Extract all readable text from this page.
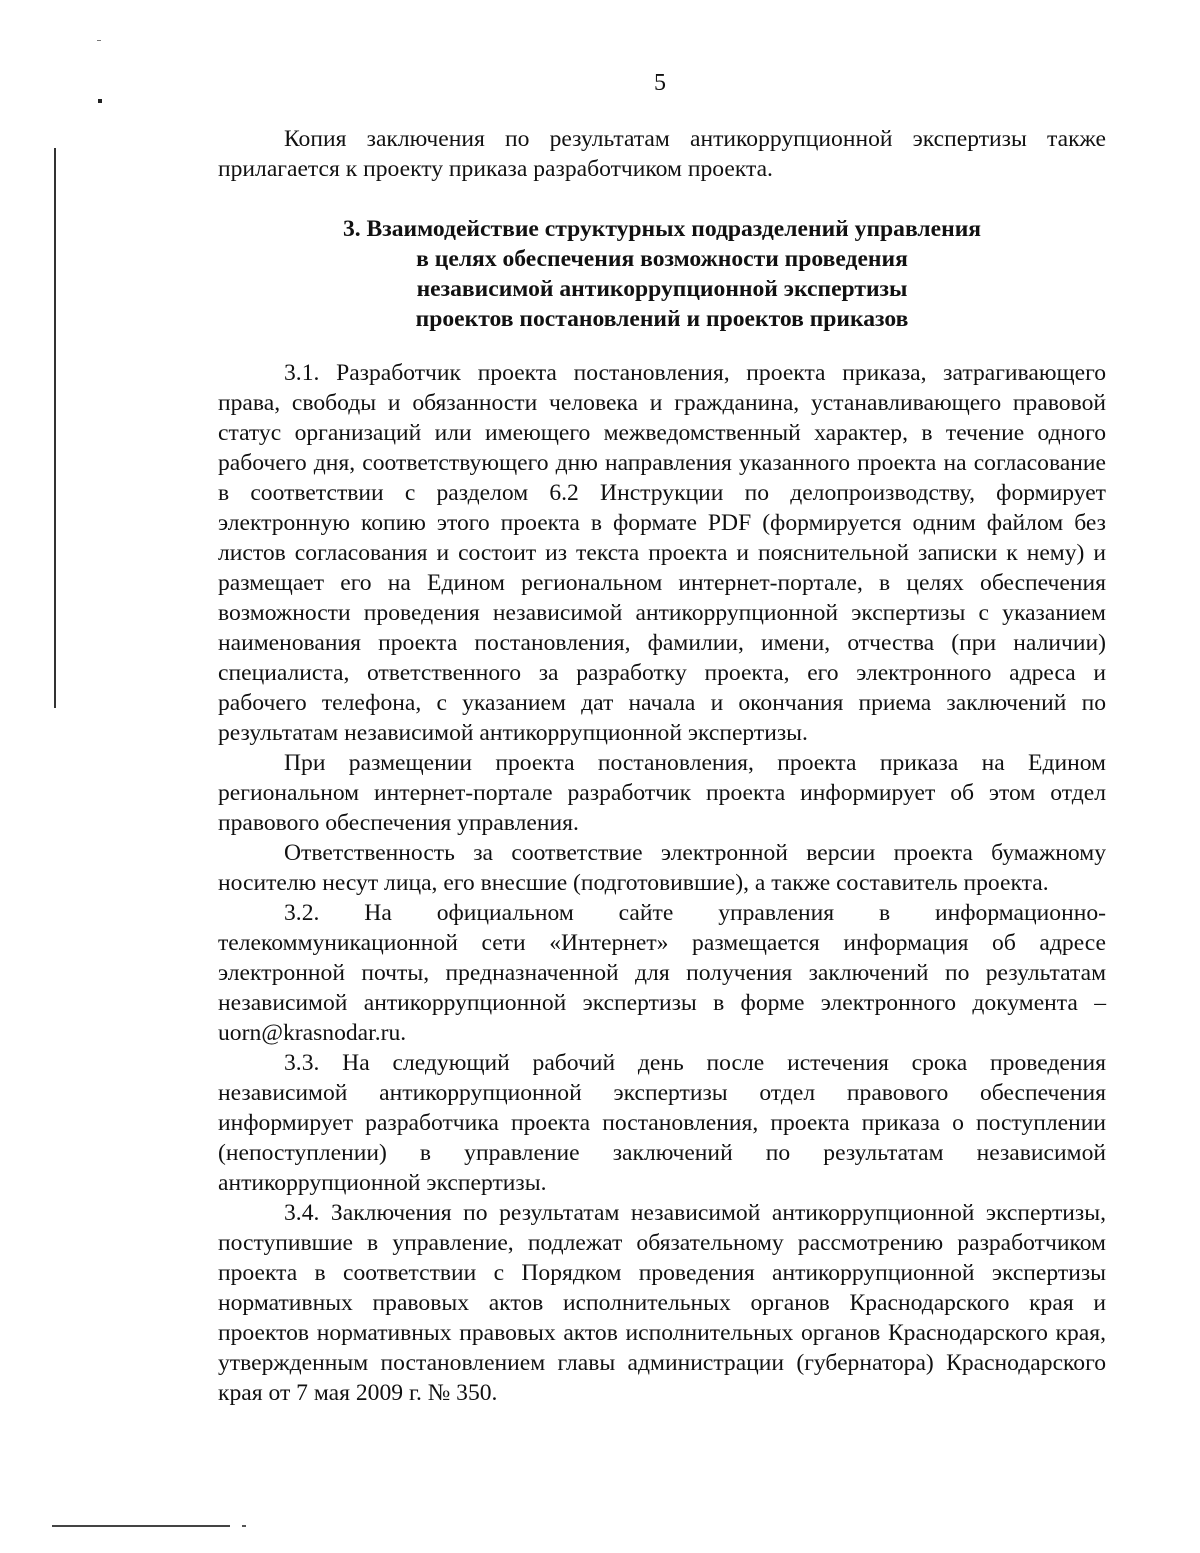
5

Копия заключения по результатам антикоррупционной экспертизы также прилагается к проекту приказа разработчиком проекта.

3. Взаимодействие структурных подразделений управления
в целях обеспечения возможности проведения
независимой антикоррупционной экспертизы
проектов постановлений и проектов приказов

3.1. Разработчик проекта постановления, проекта приказа, затрагивающего права, свободы и обязанности человека и гражданина, устанавливающего правовой статус организаций или имеющего межведомственный характер, в течение одного рабочего дня, соответствующего дню направления указанного проекта на согласование в соответствии с разделом 6.2 Инструкции по делопроизводству, формирует электронную копию этого проекта в формате PDF (формируется одним файлом без листов согласования и состоит из текста проекта и пояснительной записки к нему) и размещает его на Едином региональном интернет-портале, в целях обеспечения возможности проведения независимой антикоррупционной экспертизы с указанием наименования проекта постановления, фамилии, имени, отчества (при наличии) специалиста, ответственного за разработку проекта, его электронного адреса и рабочего телефона, с указанием дат начала и окончания приема заключений по результатам независимой антикоррупционной экспертизы.

При размещении проекта постановления, проекта приказа на Едином региональном интернет-портале разработчик проекта информирует об этом отдел правового обеспечения управления.

Ответственность за соответствие электронной версии проекта бумажному носителю несут лица, его внесшие (подготовившие), а также составитель проекта.

3.2. На официальном сайте управления в информационно-телекоммуникационной сети «Интернет» размещается информация об адресе электронной почты, предназначенной для получения заключений по результатам независимой антикоррупционной экспертизы в форме электронного документа – uorn@krasnodar.ru.

3.3. На следующий рабочий день после истечения срока проведения независимой антикоррупционной экспертизы отдел правового обеспечения информирует разработчика проекта постановления, проекта приказа о поступлении (непоступлении) в управление заключений по результатам независимой антикоррупционной экспертизы.

3.4. Заключения по результатам независимой антикоррупционной экспертизы, поступившие в управление, подлежат обязательному рассмотрению разработчиком проекта в соответствии с Порядком проведения антикоррупционной экспертизы нормативных правовых актов исполнительных органов Краснодарского края и проектов нормативных правовых актов исполнительных органов Краснодарского края, утвержденным постановлением главы администрации (губернатора) Краснодарского края от 7 мая 2009 г. № 350.
